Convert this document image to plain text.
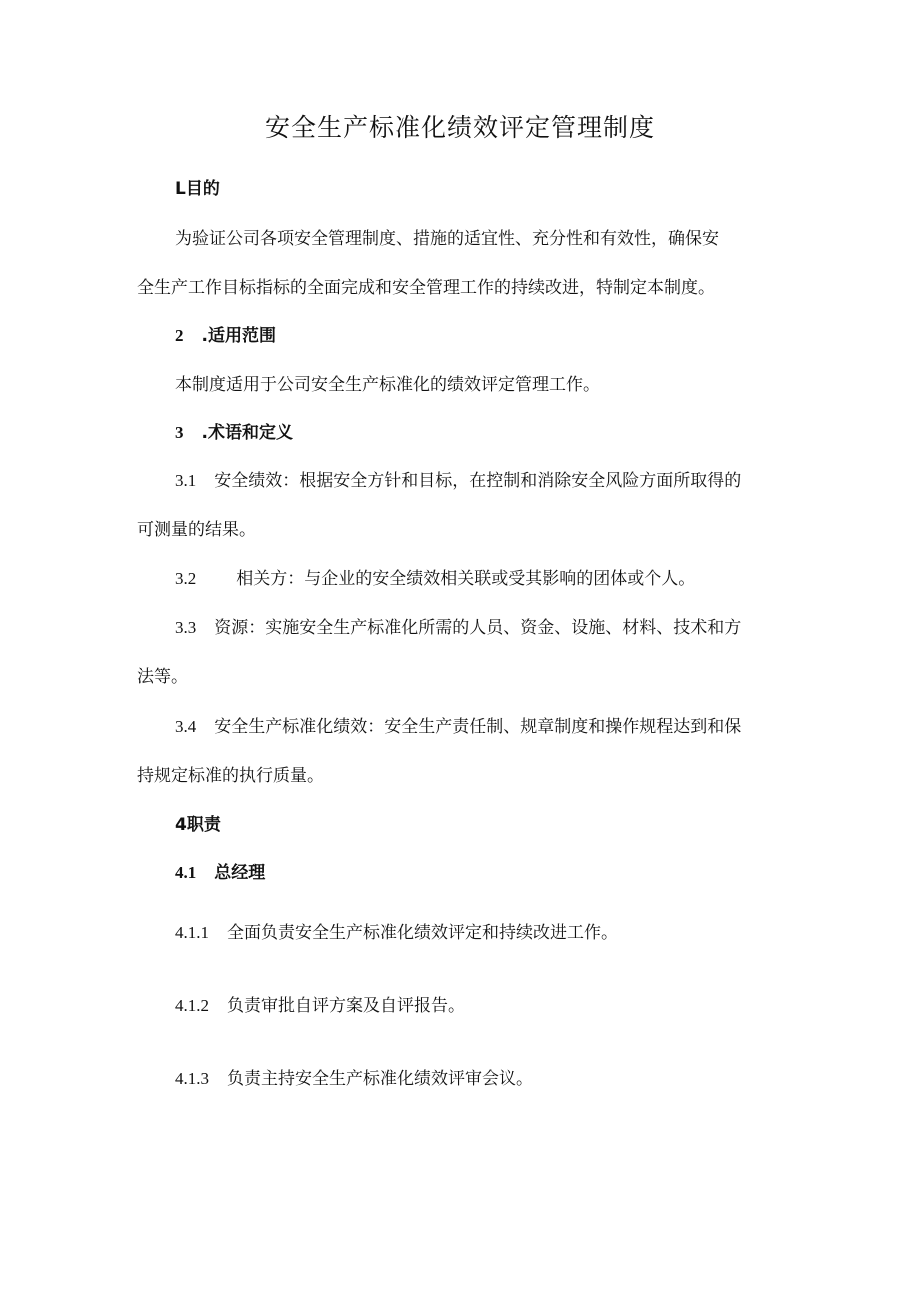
安全生产标准化绩效评定管理制度
L目的
为验证公司各项安全管理制度、措施的适宜性、充分性和有效性，确保安
全生产工作目标指标的全面完成和安全管理工作的持续改进，特制定本制度。
2 .适用范围
本制度适用于公司安全生产标准化的绩效评定管理工作。
3 .术语和定义
3.1 安全绩效：根据安全方针和目标，在控制和消除安全风险方面所取得的
可测量的结果。
3.2 相关方：与企业的安全绩效相关联或受其影响的团体或个人。
3.3 资源：实施安全生产标准化所需的人员、资金、设施、材料、技术和方
法等。
3.4 安全生产标准化绩效：安全生产责任制、规章制度和操作规程达到和保
持规定标准的执行质量。
4职责
4.1 总经理
4.1.1 全面负责安全生产标准化绩效评定和持续改进工作。
4.1.2 负责审批自评方案及自评报告。
4.1.3 负责主持安全生产标准化绩效评审会议。
